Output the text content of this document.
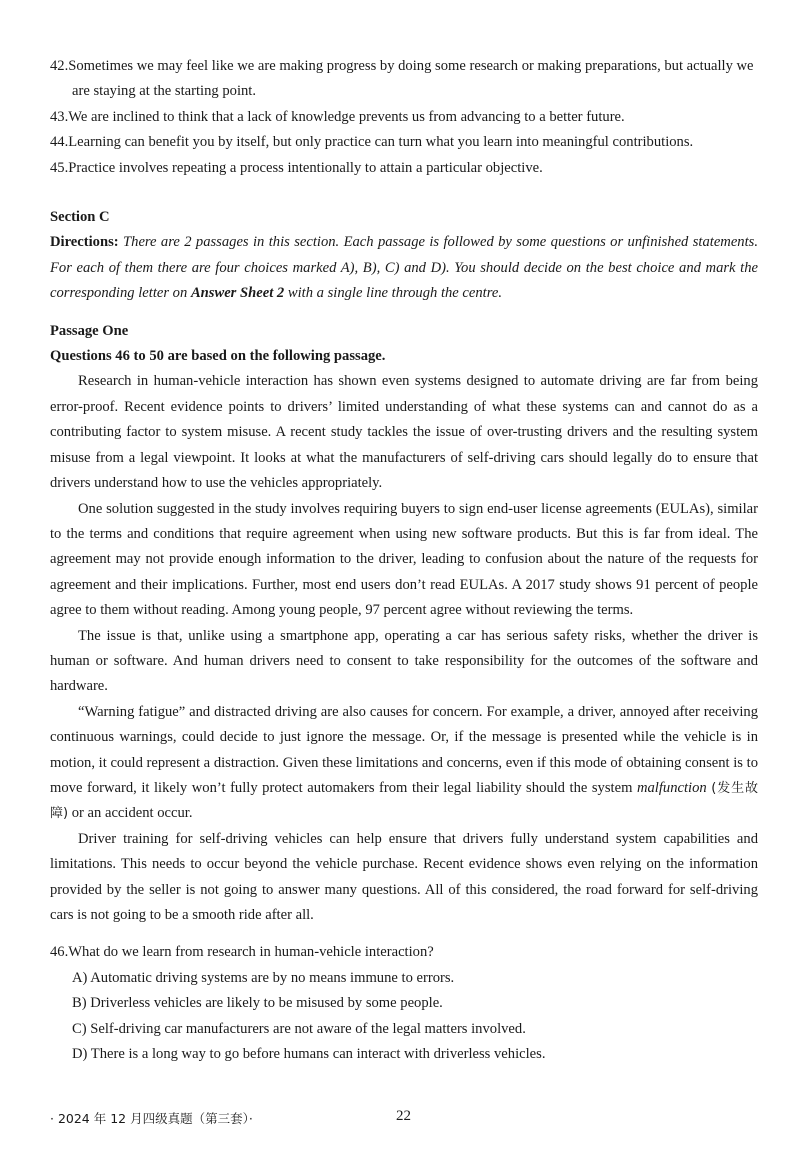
42.Sometimes we may feel like we are making progress by doing some research or making preparations, but actually we are staying at the starting point.

43.We are inclined to think that a lack of knowledge prevents us from advancing to a better future.

44.Learning can benefit you by itself, but only practice can turn what you learn into meaningful contributions.

45.Practice involves repeating a process intentionally to attain a particular objective.

Section C

Directions: There are 2 passages in this section. Each passage is followed by some questions or unfinished statements. For each of them there are four choices marked A), B), C) and D). You should decide on the best choice and mark the corresponding letter on Answer Sheet 2 with a single line through the centre.

Passage One
Questions 46 to 50 are based on the following passage.

Research in human-vehicle interaction has shown even systems designed to automate driving are far from being error-proof. Recent evidence points to drivers’ limited understanding of what these systems can and cannot do as a contributing factor to system misuse. A recent study tackles the issue of over-trusting drivers and the resulting system misuse from a legal viewpoint. It looks at what the manufacturers of self-driving cars should legally do to ensure that drivers understand how to use the vehicles appropriately.

One solution suggested in the study involves requiring buyers to sign end-user license agreements (EULAs), similar to the terms and conditions that require agreement when using new software products. But this is far from ideal. The agreement may not provide enough information to the driver, leading to confusion about the nature of the requests for agreement and their implications. Further, most end users don’t read EULAs. A 2017 study shows 91 percent of people agree to them without reading. Among young people, 97 percent agree without reviewing the terms.

The issue is that, unlike using a smartphone app, operating a car has serious safety risks, whether the driver is human or software. And human drivers need to consent to take responsibility for the outcomes of the software and hardware.

“Warning fatigue” and distracted driving are also causes for concern. For example, a driver, annoyed after receiving continuous warnings, could decide to just ignore the message. Or, if the message is presented while the vehicle is in motion, it could represent a distraction. Given these limitations and concerns, even if this mode of obtaining consent is to move forward, it likely won’t fully protect automakers from their legal liability should the system malfunction (发生故障) or an accident occur.

Driver training for self-driving vehicles can help ensure that drivers fully understand system capabilities and limitations. This needs to occur beyond the vehicle purchase. Recent evidence shows even relying on the information provided by the seller is not going to answer many questions. All of this considered, the road forward for self-driving cars is not going to be a smooth ride after all.

46.What do we learn from research in human-vehicle interaction?

A) Automatic driving systems are by no means immune to errors.

B) Driverless vehicles are likely to be misused by some people.

C) Self-driving car manufacturers are not aware of the legal matters involved.

D) There is a long way to go before humans can interact with driverless vehicles.

· 2024 年 12 月四级真题（第三套）·	22
